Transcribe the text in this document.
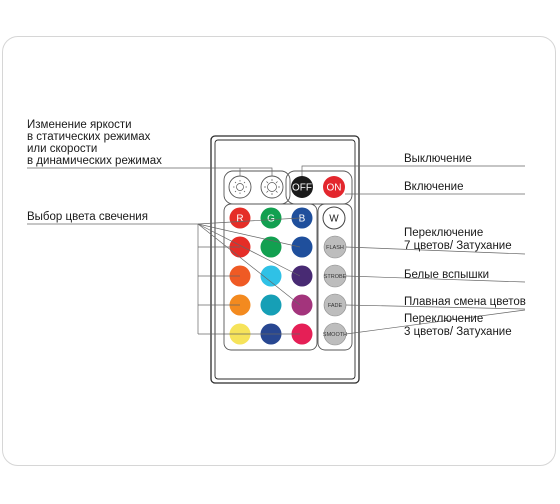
OFF ON
R G B W
FLASH
STROBE
FADE
SMOOTH
Изменение яркости в статических режимах или скорости в динамических режимах
Выбор цвета свечения
Выключение
Включение
Переключение 7 цветов/ Затухание
Белые вспышки
Плавная смена цветов
Переключение 3 цветов/ Затухание
